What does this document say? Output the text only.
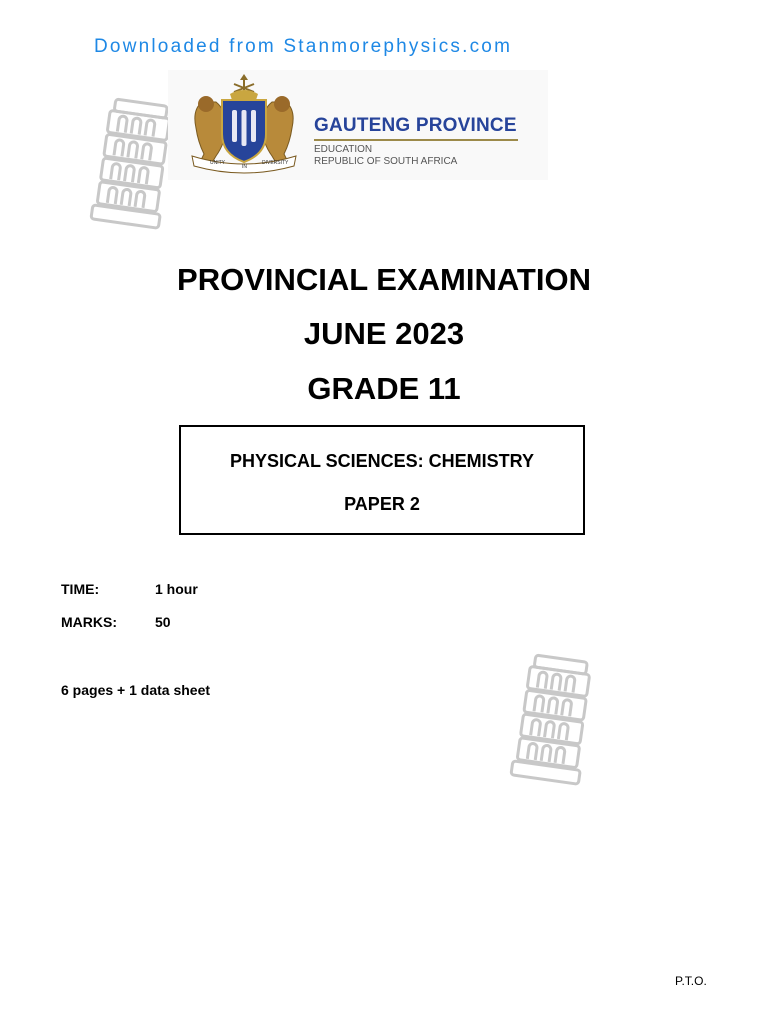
Downloaded from Stanmorephysics.com
UNITY
IN
DIVERSITY
GAUTENG PROVINCE
EDUCATION
REPUBLIC OF SOUTH AFRICA
PROVINCIAL EXAMINATION
JUNE 2023
GRADE 11
PHYSICAL SCIENCES: CHEMISTRY
PAPER 2
TIME:	1 hour
MARKS:	50
6 pages + 1 data sheet
P.T.O.
